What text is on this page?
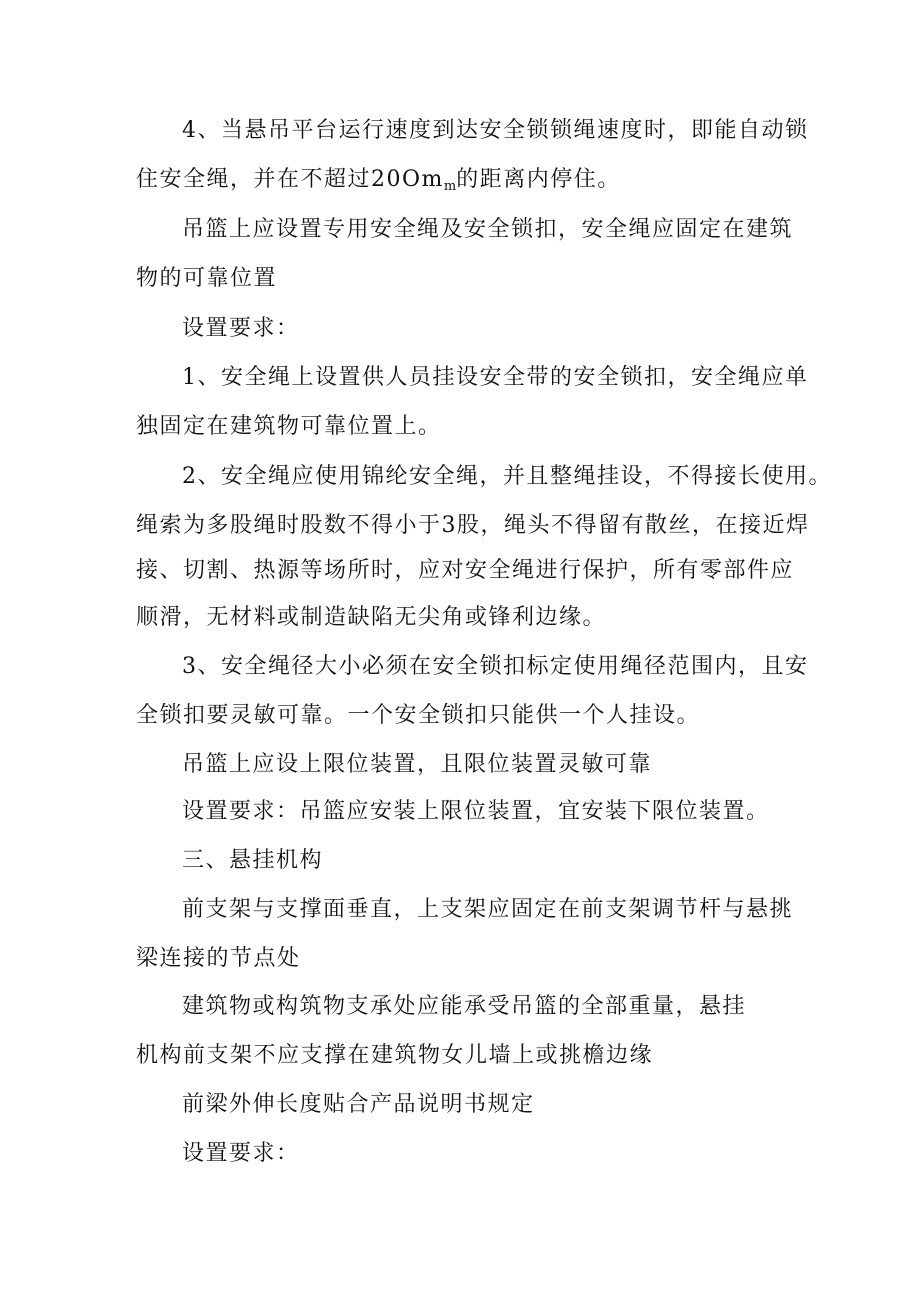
4、当悬吊平台运行速度到达安全锁锁绳速度时，即能自动锁
住安全绳，并在不超过$20Om_m$的距离内停住。
吊篮上应设置专用安全绳及安全锁扣，安全绳应固定在建筑
物的可靠位置
设置要求：
1、安全绳上设置供人员挂设安全带的安全锁扣，安全绳应单
独固定在建筑物可靠位置上。
2、安全绳应使用锦纶安全绳，并且整绳挂设，不得接长使用。
绳索为多股绳时股数不得小于3股，绳头不得留有散丝，在接近焊
接、切割、热源等场所时，应对安全绳进行保护，所有零部件应
顺滑，无材料或制造缺陷无尖角或锋利边缘。
3、安全绳径大小必须在安全锁扣标定使用绳径范围内，且安
全锁扣要灵敏可靠。一个安全锁扣只能供一个人挂设。
吊篮上应设上限位装置，且限位装置灵敏可靠
设置要求：吊篮应安装上限位装置，宜安装下限位装置。
三、悬挂机构
前支架与支撑面垂直，上支架应固定在前支架调节杆与悬挑
梁连接的节点处
建筑物或构筑物支承处应能承受吊篮的全部重量，悬挂
机构前支架不应支撑在建筑物女儿墙上或挑檐边缘
前梁外伸长度贴合产品说明书规定
设置要求：
